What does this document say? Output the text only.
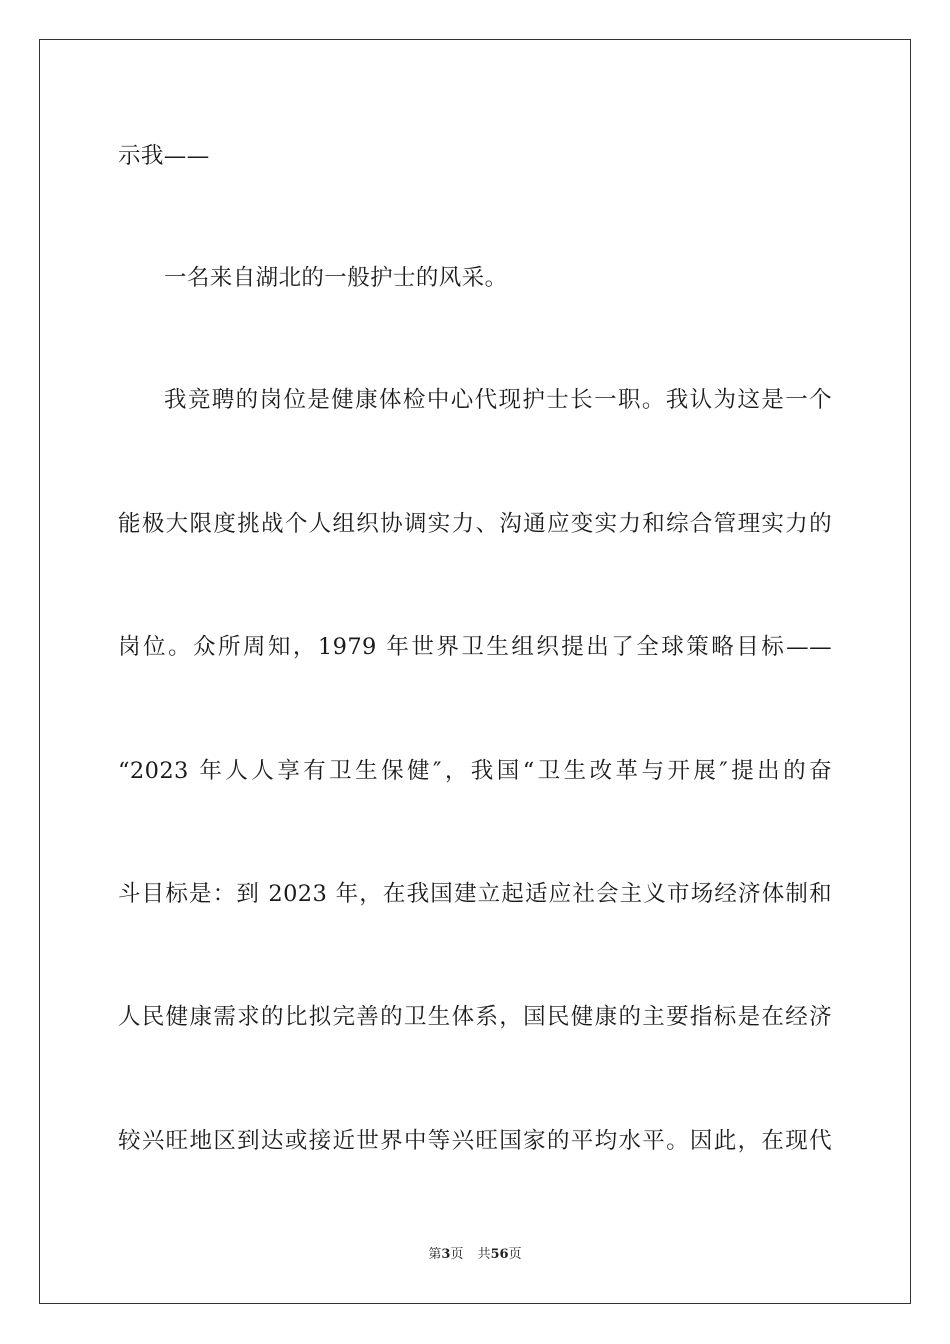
示我——
一名来自湖北的一般护士的风采。
我竞聘的岗位是健康体检中心代现护士长一职。我认为这是一个
能极大限度挑战个人组织协调实力、沟通应变实力和综合管理实力的
岗位。众所周知，1979 年世界卫生组织提出了全球策略目标——
“2023 年人人享有卫生保健″，我国“卫生改革与开展″提出的奋
斗目标是：到 2023 年，在我国建立起适应社会主义市场经济体制和
人民健康需求的比拟完善的卫生体系，国民健康的主要指标是在经济
较兴旺地区到达或接近世界中等兴旺国家的平均水平。因此，在现代
第3页 共56页
